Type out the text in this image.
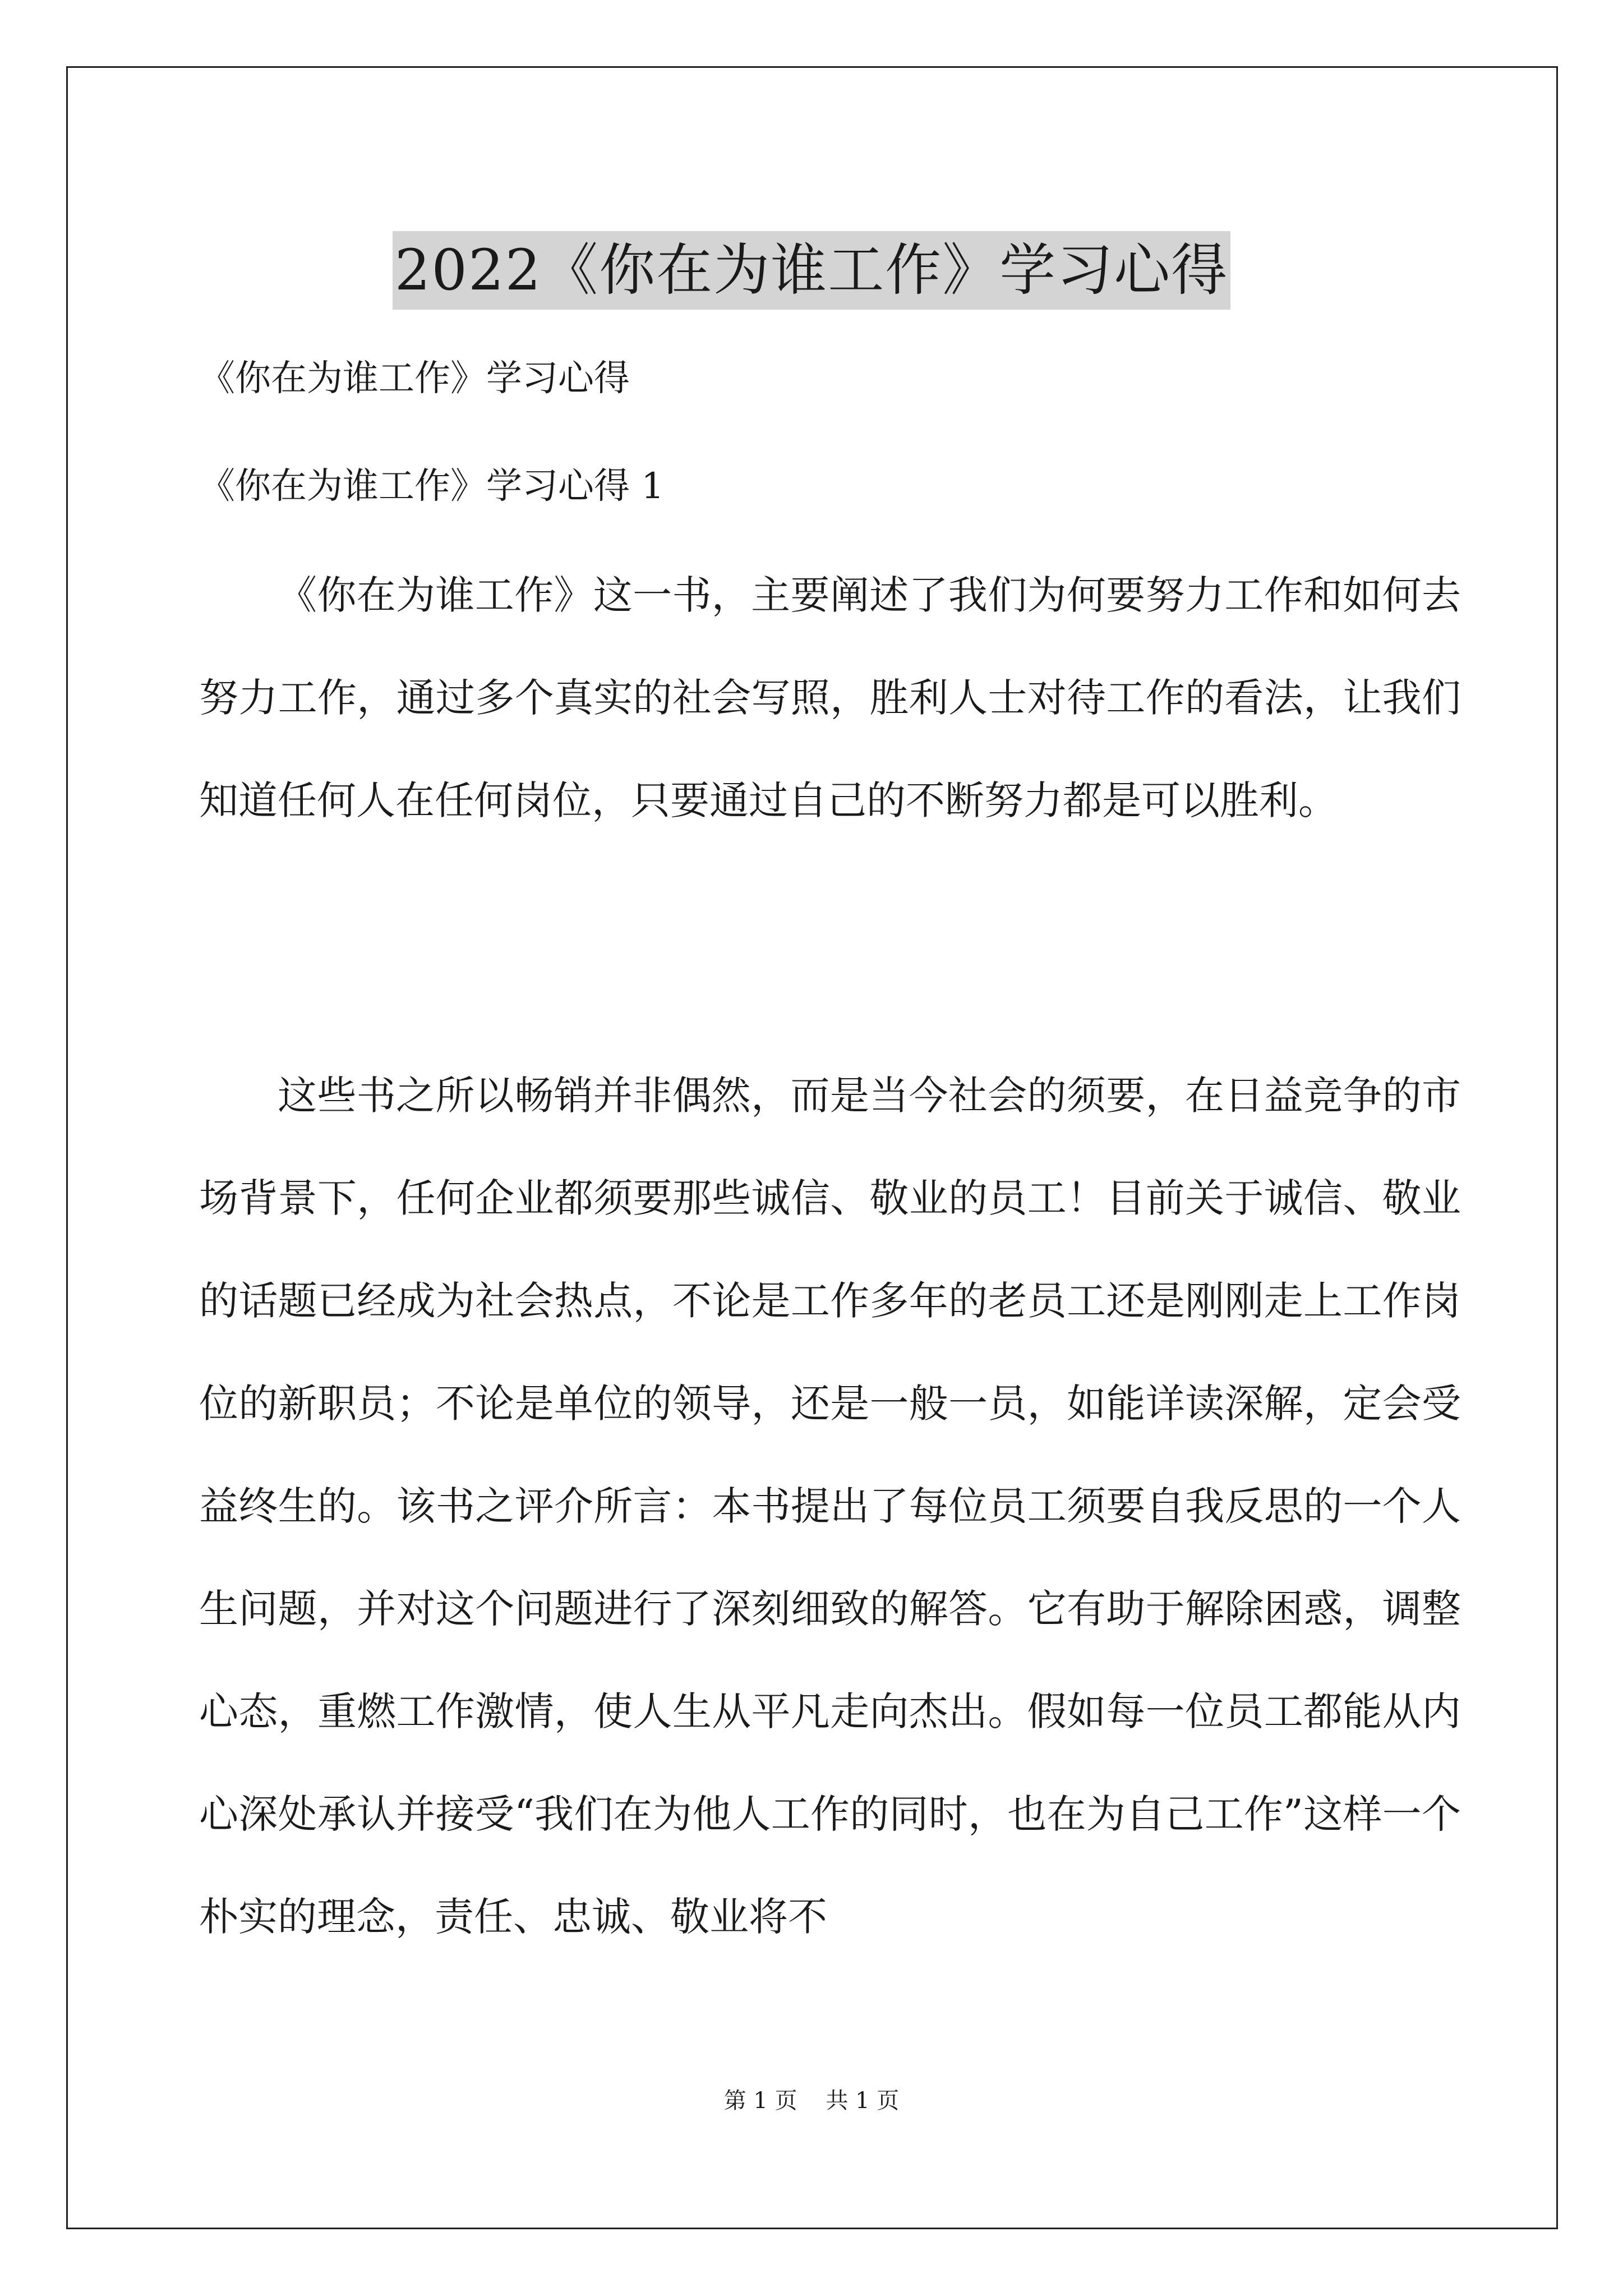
2022《你在为谁工作》学习心得
《你在为谁工作》学习心得
《你在为谁工作》学习心得 1

《你在为谁工作》这一书，主要阐述了我们为何要努力工作和如何去努力工作，通过多个真实的社会写照，胜利人士对待工作的看法，让我们知道任何人在任何岗位，只要通过自己的不断努力都是可以胜利。

这些书之所以畅销并非偶然，而是当今社会的须要，在日益竞争的市场背景下，任何企业都须要那些诚信、敬业的员工！目前关于诚信、敬业的话题已经成为社会热点，不论是工作多年的老员工还是刚刚走上工作岗位的新职员；不论是单位的领导，还是一般一员，如能详读深解，定会受益终生的。该书之评介所言：本书提出了每位员工须要自我反思的一个人生问题，并对这个问题进行了深刻细致的解答。它有助于解除困惑，调整心态，重燃工作激情，使人生从平凡走向杰出。假如每一位员工都能从内心深处承认并接受“我们在为他人工作的同时，也在为自己工作”这样一个朴实的理念，责任、忠诚、敬业将不

第 1 页    共 1 页
